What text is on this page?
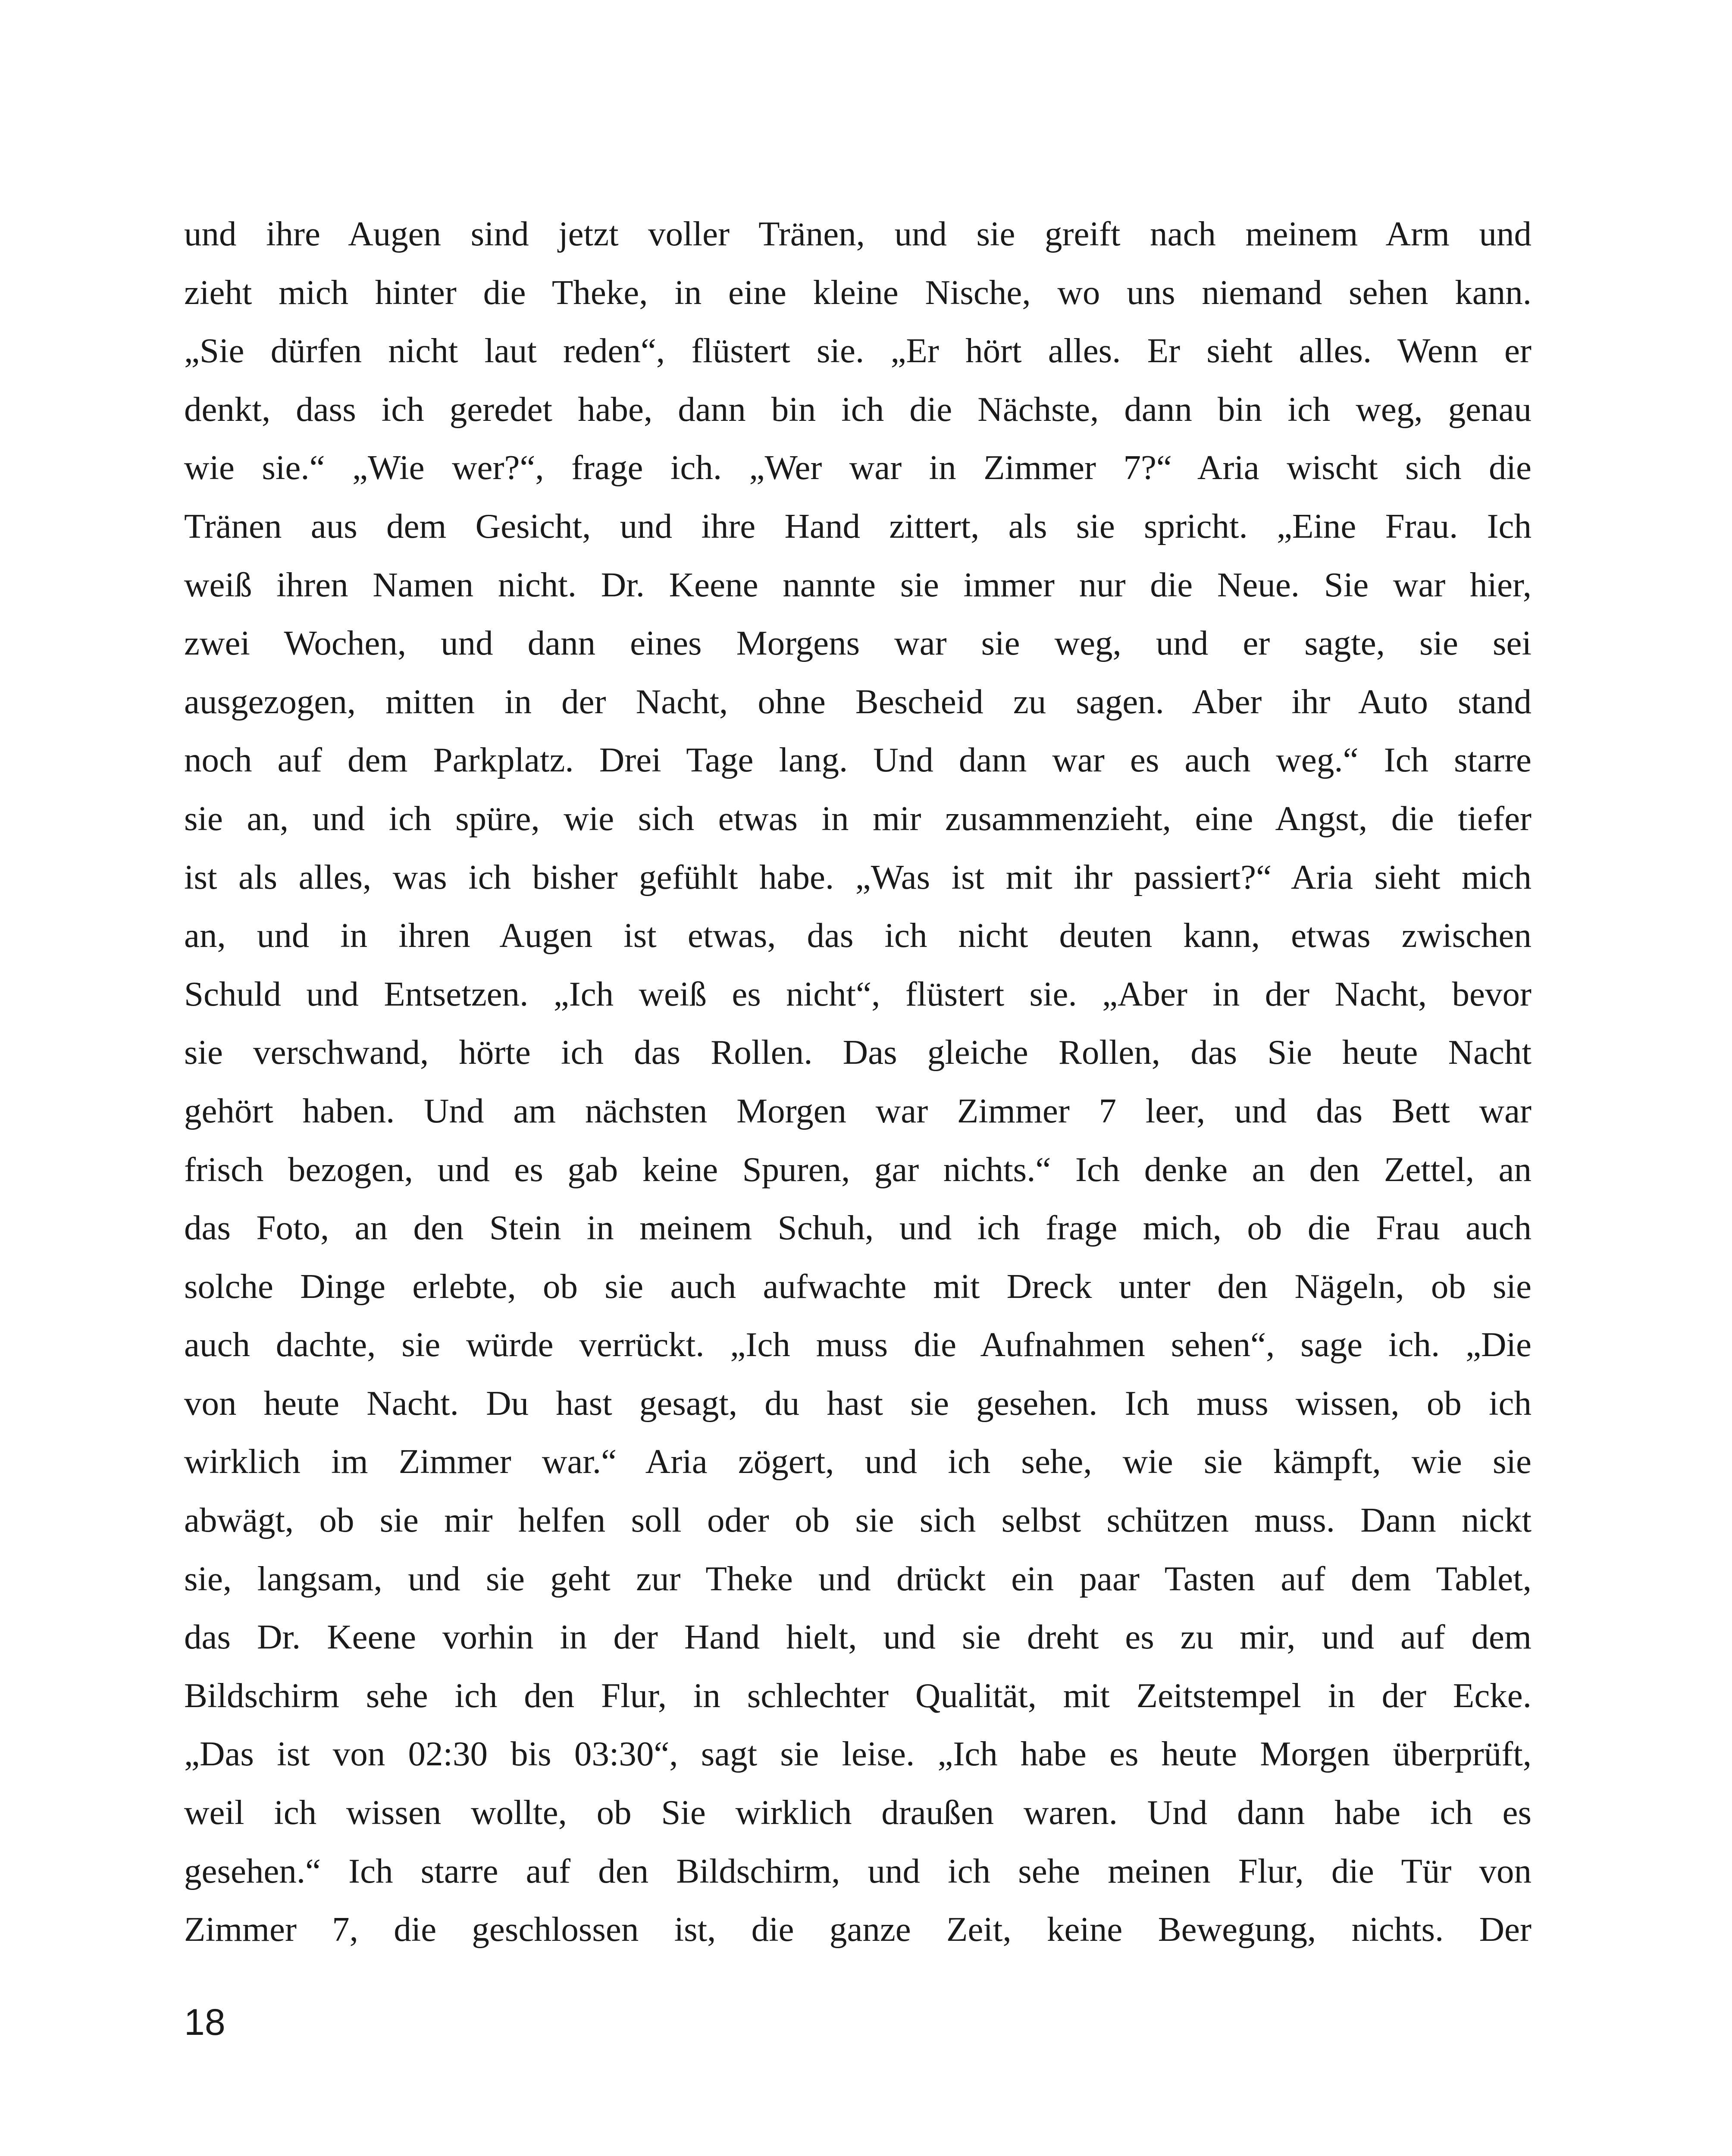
und ihre Augen sind jetzt voller Tränen, und sie greift nach meinem Arm und
zieht mich hinter die Theke, in eine kleine Nische, wo uns niemand sehen kann.
„Sie dürfen nicht laut reden“, flüstert sie. „Er hört alles. Er sieht alles. Wenn er
denkt, dass ich geredet habe, dann bin ich die Nächste, dann bin ich weg, genau
wie sie.“ „Wie wer?“, frage ich. „Wer war in Zimmer 7?“ Aria wischt sich die
Tränen aus dem Gesicht, und ihre Hand zittert, als sie spricht. „Eine Frau. Ich
weiß ihren Namen nicht. Dr. Keene nannte sie immer nur die Neue. Sie war hier,
zwei Wochen, und dann eines Morgens war sie weg, und er sagte, sie sei
ausgezogen, mitten in der Nacht, ohne Bescheid zu sagen. Aber ihr Auto stand
noch auf dem Parkplatz. Drei Tage lang. Und dann war es auch weg.“ Ich starre
sie an, und ich spüre, wie sich etwas in mir zusammenzieht, eine Angst, die tiefer
ist als alles, was ich bisher gefühlt habe. „Was ist mit ihr passiert?“ Aria sieht mich
an, und in ihren Augen ist etwas, das ich nicht deuten kann, etwas zwischen
Schuld und Entsetzen. „Ich weiß es nicht“, flüstert sie. „Aber in der Nacht, bevor
sie verschwand, hörte ich das Rollen. Das gleiche Rollen, das Sie heute Nacht
gehört haben. Und am nächsten Morgen war Zimmer 7 leer, und das Bett war
frisch bezogen, und es gab keine Spuren, gar nichts.“ Ich denke an den Zettel, an
das Foto, an den Stein in meinem Schuh, und ich frage mich, ob die Frau auch
solche Dinge erlebte, ob sie auch aufwachte mit Dreck unter den Nägeln, ob sie
auch dachte, sie würde verrückt. „Ich muss die Aufnahmen sehen“, sage ich. „Die
von heute Nacht. Du hast gesagt, du hast sie gesehen. Ich muss wissen, ob ich
wirklich im Zimmer war.“ Aria zögert, und ich sehe, wie sie kämpft, wie sie
abwägt, ob sie mir helfen soll oder ob sie sich selbst schützen muss. Dann nickt
sie, langsam, und sie geht zur Theke und drückt ein paar Tasten auf dem Tablet,
das Dr. Keene vorhin in der Hand hielt, und sie dreht es zu mir, und auf dem
Bildschirm sehe ich den Flur, in schlechter Qualität, mit Zeitstempel in der Ecke.
„Das ist von 02:30 bis 03:30“, sagt sie leise. „Ich habe es heute Morgen überprüft,
weil ich wissen wollte, ob Sie wirklich draußen waren. Und dann habe ich es
gesehen.“ Ich starre auf den Bildschirm, und ich sehe meinen Flur, die Tür von
Zimmer 7, die geschlossen ist, die ganze Zeit, keine Bewegung, nichts. Der
18
